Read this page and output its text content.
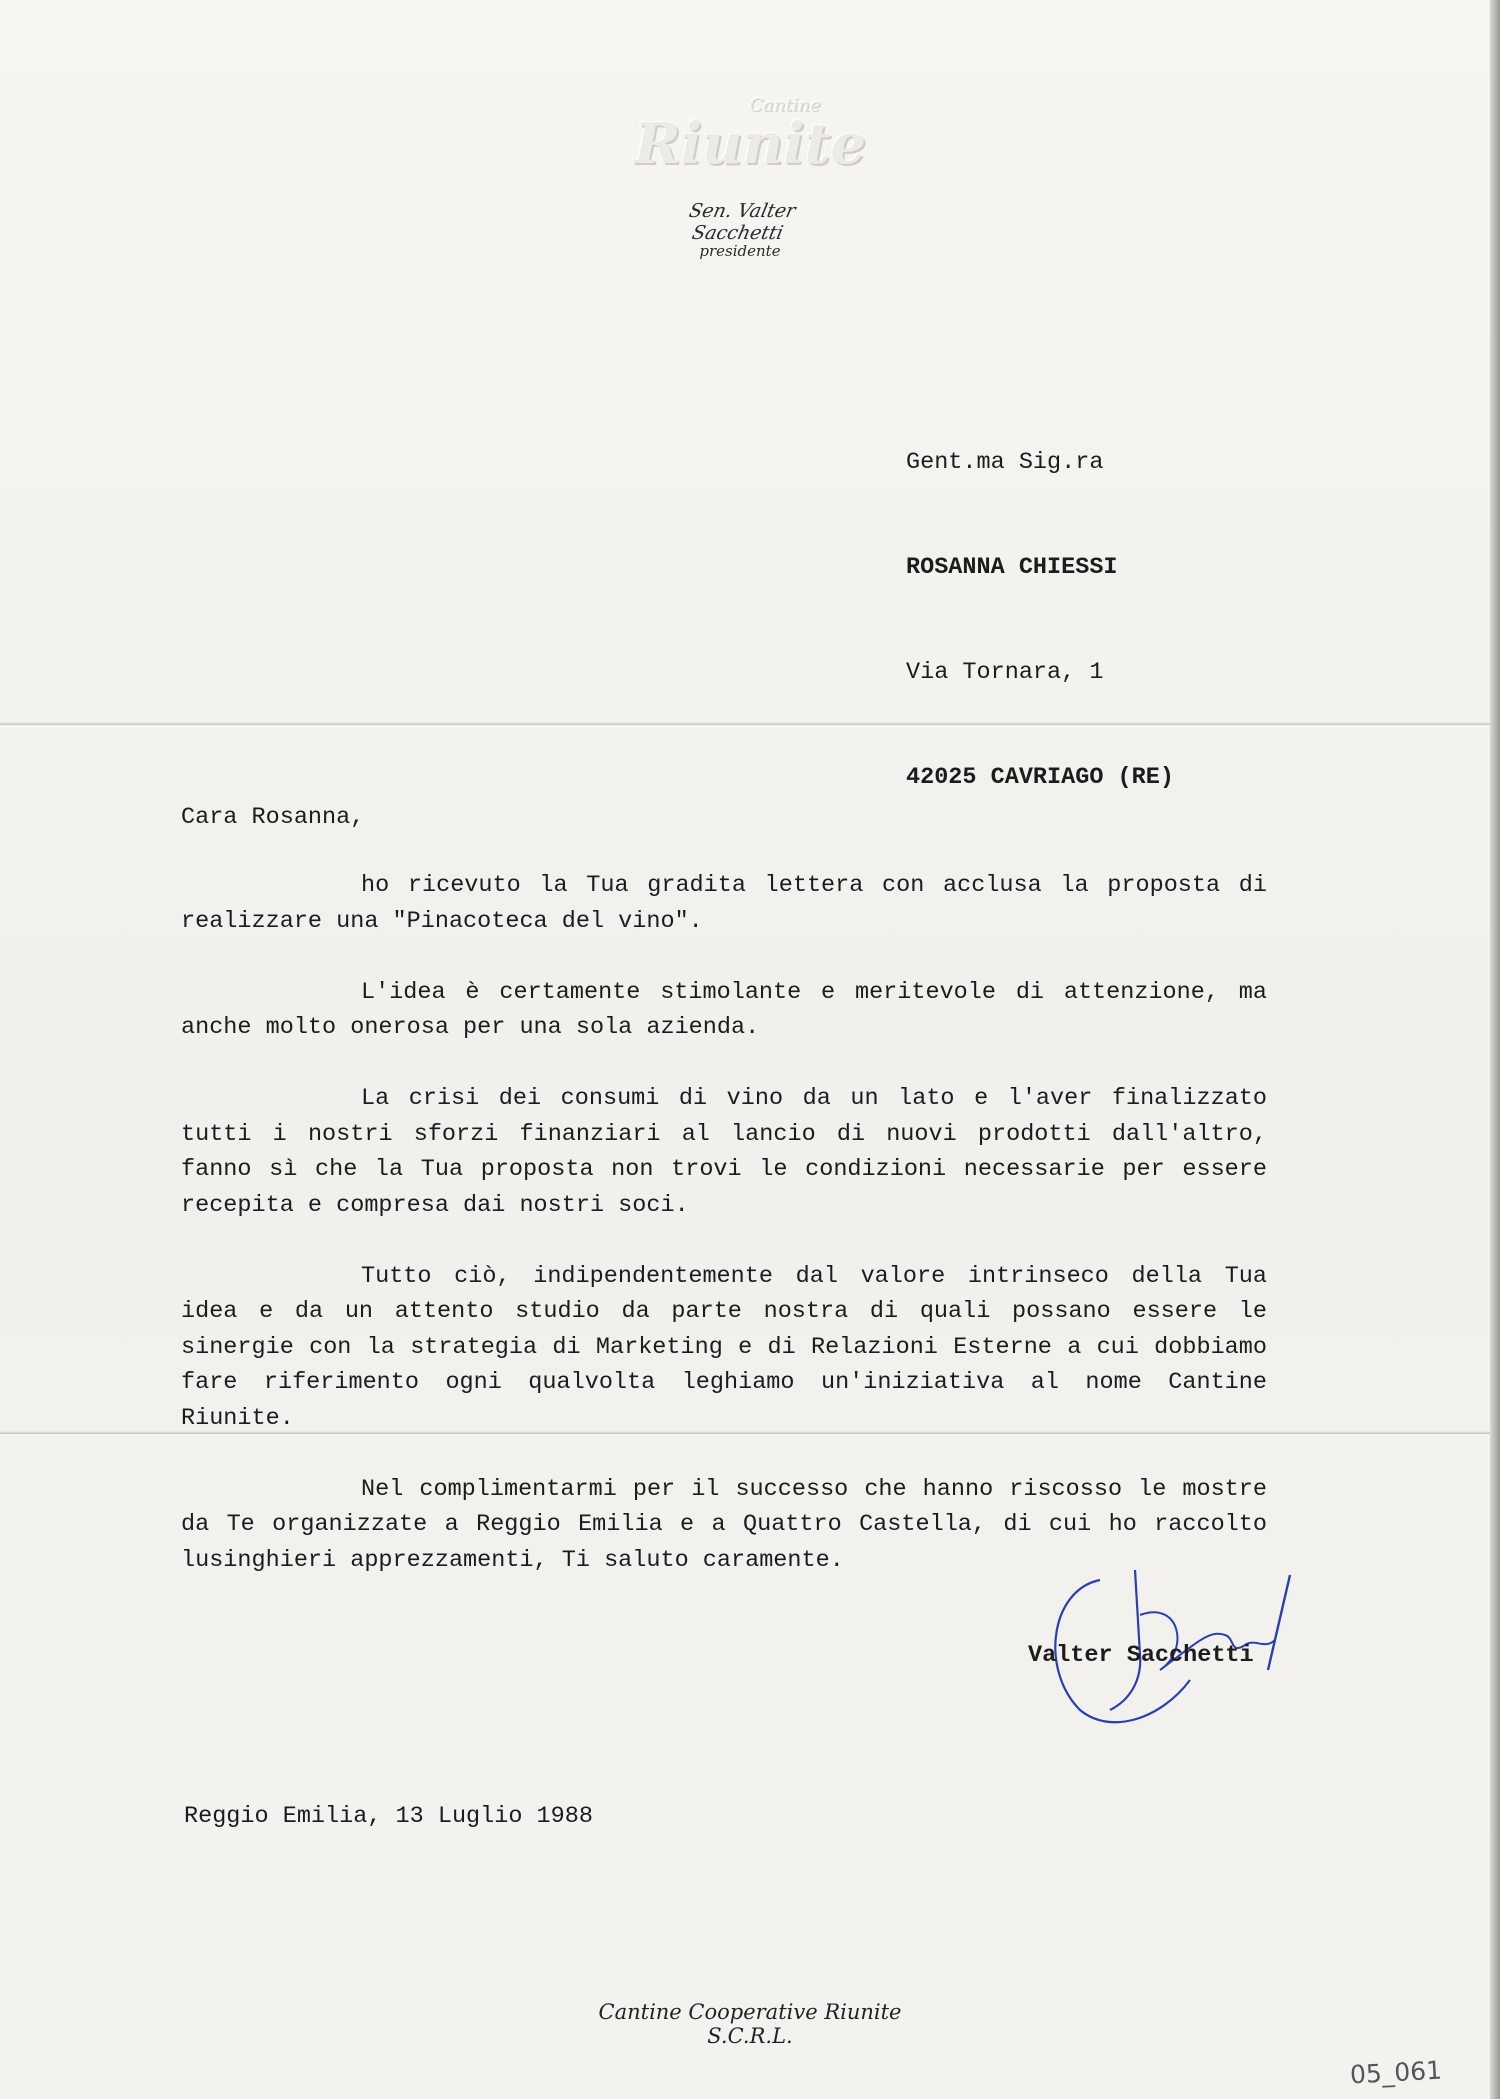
Cantine
Riunite
Sen. Valter Sacchetti
presidente

Gent.ma Sig.ra

ROSANNA CHIESSI

Via Tornara, 1

42025 CAVRIAGO (RE)

Cara Rosanna,

ho ricevuto la Tua gradita lettera con acclusa la proposta di realizzare una "Pinacoteca del vino".

L'idea è certamente stimolante e meritevole di attenzione, ma anche molto onerosa per una sola azienda.

La crisi dei consumi di vino da un lato e l'aver finalizzato tutti i nostri sforzi finanziari al lancio di nuovi prodotti dall'altro, fanno sì che la Tua proposta non trovi le condizioni necessarie per essere recepita e compresa dai nostri soci.

Tutto ciò, indipendentemente dal valore intrinseco della Tua idea e da un attento studio da parte nostra di quali possano essere le sinergie con la strategia di Marketing e di Relazioni Esterne a cui dobbiamo fare riferimento ogni qualvolta leghiamo un'iniziativa al nome Cantine Riunite.

Nel complimentarmi per il successo che hanno riscosso le mostre da Te organizzate a Reggio Emilia e a Quattro Castella, di cui ho raccolto lusinghieri apprezzamenti, Ti saluto caramente.

Valter Sacchetti
Reggio Emilia, 13 Luglio 1988
Cantine Cooperative Riunite S.C.R.L.
05_061
